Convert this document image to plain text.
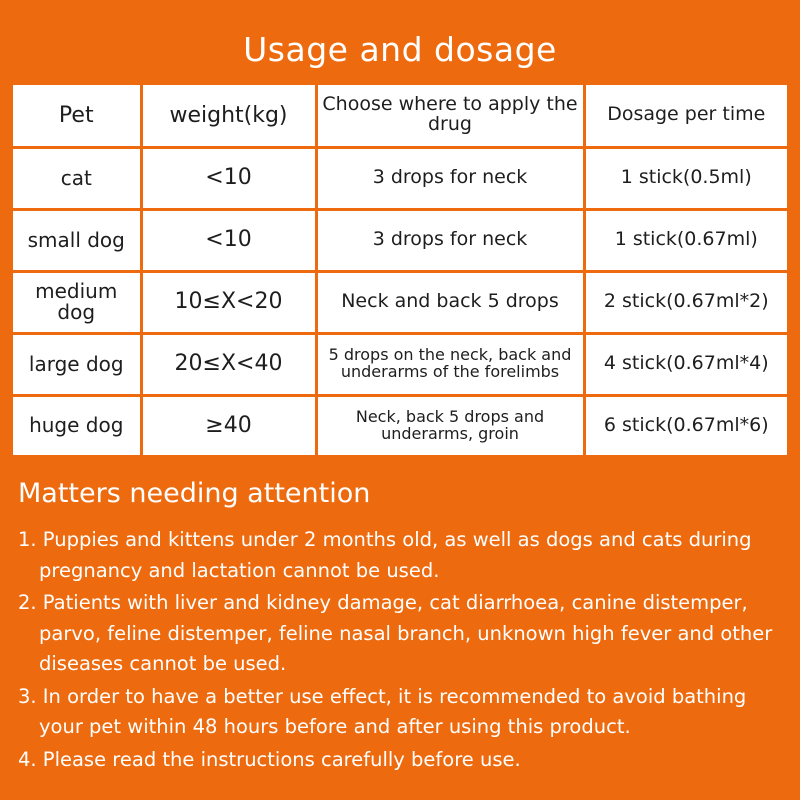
Usage and dosage
Pet	weight(kg)	Choose where to apply the drug	Dosage per time
cat	<10	3 drops for neck	1 stick(0.5ml)
small dog	<10	3 drops for neck	1 stick(0.67ml)
medium dog	10≤X<20	Neck and back 5 drops	2 stick(0.67ml*2)
large dog	20≤X<40	5 drops on the neck, back and underarms of the forelimbs	4 stick(0.67ml*4)
huge dog	≥40	Neck, back 5 drops and underarms, groin	6 stick(0.67ml*6)
Matters needing attention
1. Puppies and kittens under 2 months old, as well as dogs and cats during pregnancy and lactation cannot be used.
2. Patients with liver and kidney damage, cat diarrhoea, canine distemper, parvo, feline distemper, feline nasal branch, unknown high fever and other diseases cannot be used.
3. In order to have a better use effect, it is recommended to avoid bathing your pet within 48 hours before and after using this product.
4. Please read the instructions carefully before use.
